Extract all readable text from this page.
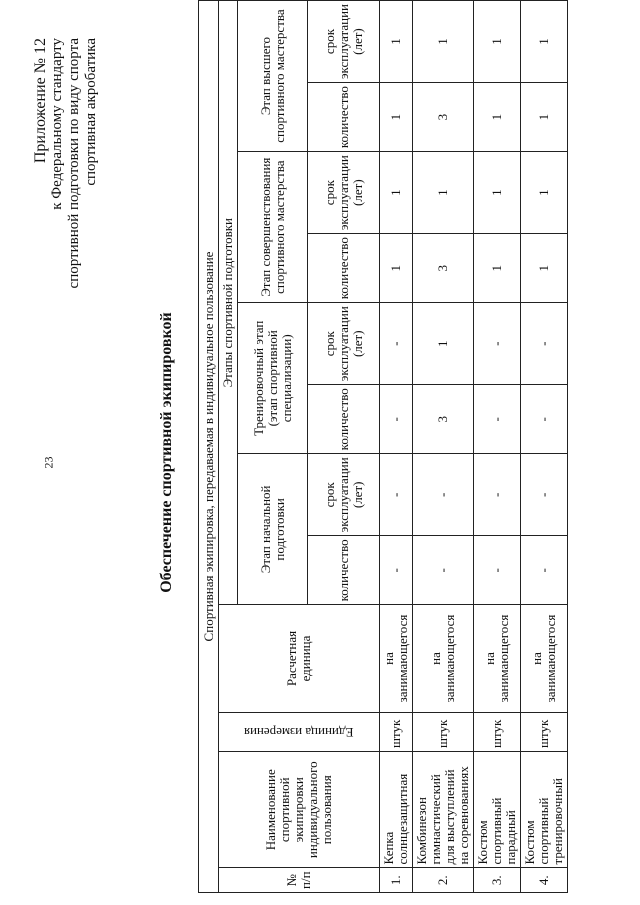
23
Приложение № 12 к Федеральному стандарту спортивной подготовки по виду спорта спортивная акробатика
Обеспечение спортивной экипировкой Спортивная экипировка, передаваемая в индивидуальное пользование											
№ п/п	Наименование спортивной экипировки индивидуального пользования	Единица измерения	Расчетная единица	Этапы спортивной подготовки							
				Этап начальной подготовки		Тренировочный этап (этап спортивной специализации)		Этап совершенствования спортивного мастерства		Этап высшего спортивного мастерства	
				количество	срок эксплуатации (лет)	количество	срок эксплуатации (лет)	количество	срок эксплуатации (лет)	количество	срок эксплуатации (лет)
1.	Кепка солнцезащитная	штук	на занимающегося	-	-	-	-	1	1	1	1
2.	Комбинезон гимнастический для выступлений на соревнованиях	штук	на занимающегося	-	-	3	1	3	1	3	1
3.	Костюм спортивный парадный	штук	на занимающегося	-	-	-	-	1	1	1	1
4.	Костюм спортивный тренировочный	штук	на занимающегося	-	-	-	-	1	1	1	1
